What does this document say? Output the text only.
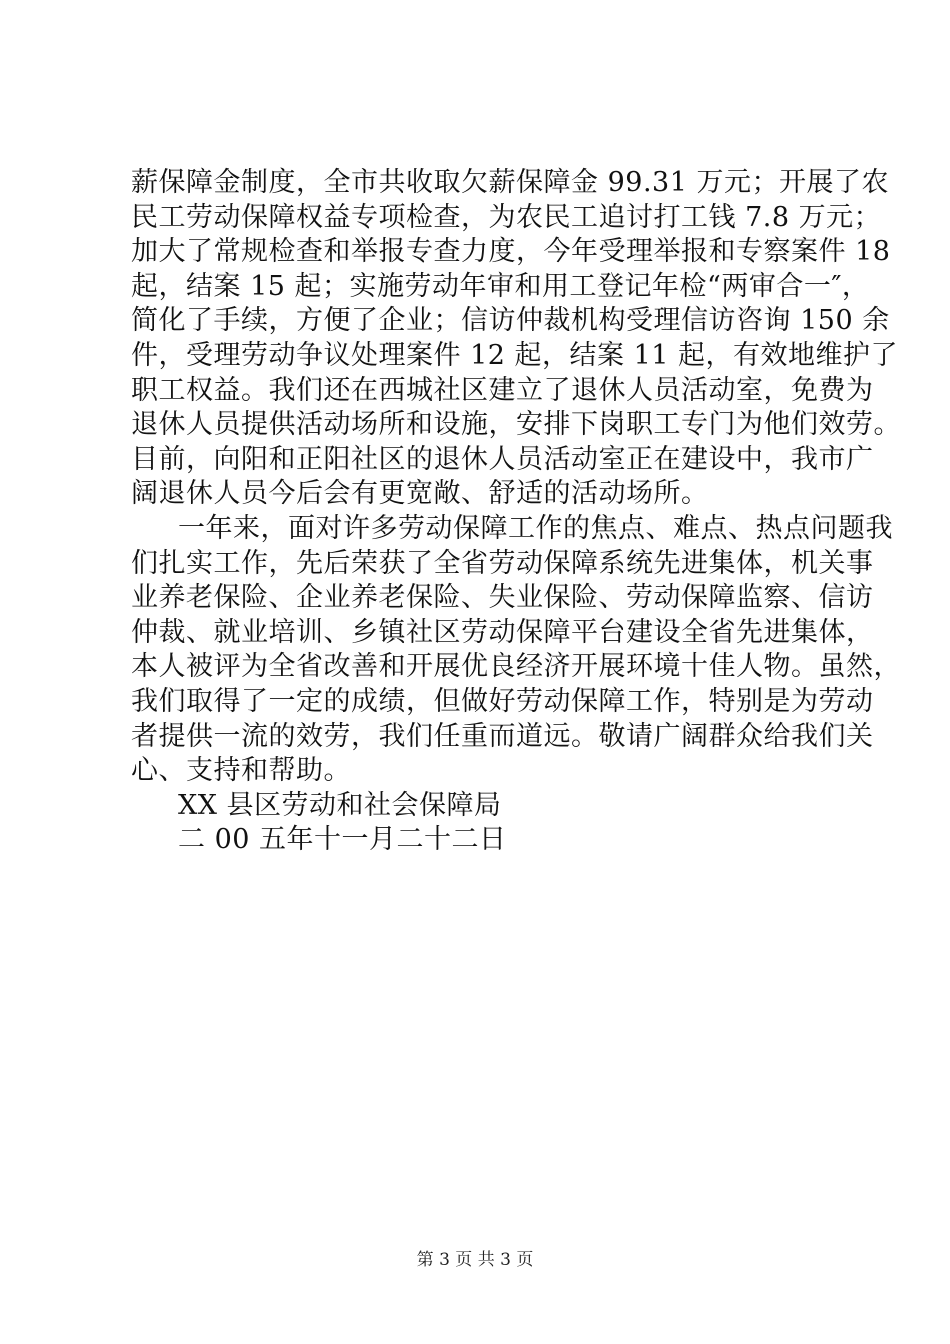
薪保障金制度，全市共收取欠薪保障金 99.31 万元；开展了农
民工劳动保障权益专项检查，为农民工追讨打工钱 7.8 万元；
加大了常规检查和举报专查力度，今年受理举报和专察案件 18
起，结案 15 起；实施劳动年审和用工登记年检“两审合一″，
简化了手续，方便了企业；信访仲裁机构受理信访咨询 150 余
件，受理劳动争议处理案件 12 起，结案 11 起，有效地维护了
职工权益。我们还在西城社区建立了退休人员活动室，免费为
退休人员提供活动场所和设施，安排下岗职工专门为他们效劳。
目前，向阳和正阳社区的退休人员活动室正在建设中，我市广
阔退休人员今后会有更宽敞、舒适的活动场所。
一年来，面对许多劳动保障工作的焦点、难点、热点问题我
们扎实工作，先后荣获了全省劳动保障系统先进集体，机关事
业养老保险、企业养老保险、失业保险、劳动保障监察、信访
仲裁、就业培训、乡镇社区劳动保障平台建设全省先进集体，
本人被评为全省改善和开展优良经济开展环境十佳人物。虽然，
我们取得了一定的成绩，但做好劳动保障工作，特别是为劳动
者提供一流的效劳，我们任重而道远。敬请广阔群众给我们关
心、支持和帮助。
XX 县区劳动和社会保障局
二 00 五年十一月二十二日
第 3 页 共 3 页
